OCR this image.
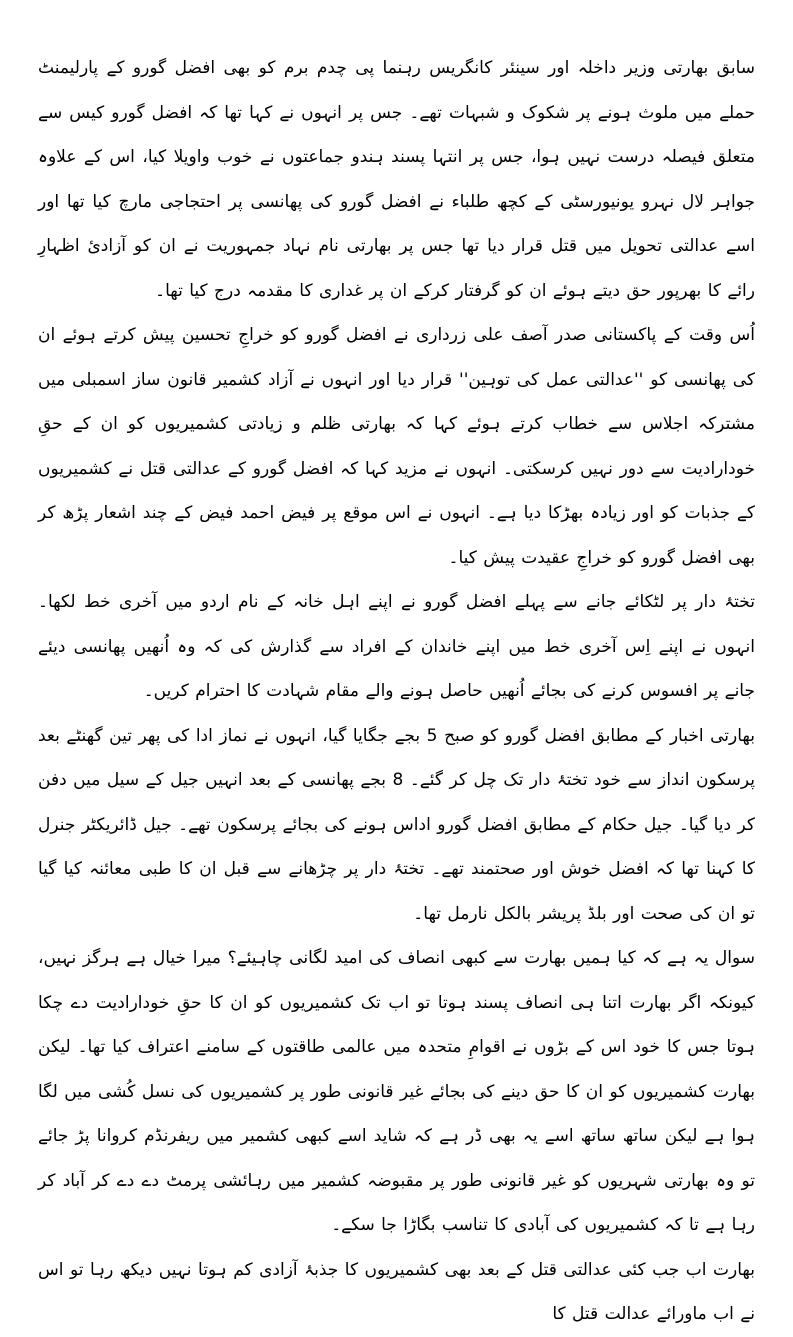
سابق بھارتی وزیر داخلہ اور سینئر کانگریس رہنما پی چدم برم کو بھی افضل گورو کے پارلیمنٹ حملے میں ملوث ہونے پر شکوک و شبہات تھے۔ جس پر انہوں نے کہا تھا کہ افضل گورو کیس سے متعلق فیصلہ درست نہیں ہوا، جس پر انتہا پسند ہندو جماعتوں نے خوب واویلا کیا، اس کے علاوہ جواہر لال نہرو یونیورسٹی کے کچھ طلباء نے افضل گورو کی پھانسی پر احتجاجی مارچ کیا تھا اور اسے عدالتی تحویل میں قتل قرار دیا تھا جس پر بھارتی نام نہاد جمہوریت نے ان کو آزادیٔ اظہارِ رائے کا بھرپور حق دیتے ہوئے ان کو گرفتار کرکے ان پر غداری کا مقدمہ درج کیا تھا۔

اُس وقت کے پاکستانی صدر آصف علی زرداری نے افضل گورو کو خراجِ تحسین پیش کرتے ہوئے ان کی پھانسی کو ''عدالتی عمل کی توہین'' قرار دیا اور انہوں نے آزاد کشمیر قانون ساز اسمبلی میں مشترکہ اجلاس سے خطاب کرتے ہوئے کہا کہ بھارتی ظلم و زیادتی کشمیریوں کو ان کے حقِ خودارادیت سے دور نہیں کرسکتی۔ انہوں نے مزید کہا کہ افضل گورو کے عدالتی قتل نے کشمیریوں کے جذبات کو اور زیادہ بھڑکا دیا ہے۔ انہوں نے اس موقع پر فیض احمد فیض کے چند اشعار پڑھ کر بھی افضل گورو کو خراجِ عقیدت پیش کیا۔

تختۂ دار پر لٹکائے جانے سے پہلے افضل گورو نے اپنے اہل خانہ کے نام اردو میں آخری خط لکھا۔ انہوں نے اپنے اِس آخری خط میں اپنے خاندان کے افراد سے گذارش کی کہ وہ اُنھیں پھانسی دیئے جانے پر افسوس کرنے کی بجائے اُنھیں حاصل ہونے والے مقام شہادت کا احترام کریں۔

بھارتی اخبار کے مطابق افضل گورو کو صبح 5 بجے جگایا گیا، انہوں نے نماز ادا کی پھر تین گھنٹے بعد پرسکون انداز سے خود تختۂ دار تک چل کر گئے۔ 8 بجے پھانسی کے بعد انہیں جیل کے سیل میں دفن کر دیا گیا۔ جیل حکام کے مطابق افضل گورو اداس ہونے کی بجائے پرسکون تھے۔ جیل ڈائریکٹر جنرل کا کہنا تھا کہ افضل خوش اور صحتمند تھے۔ تختۂ دار پر چڑھانے سے قبل ان کا طبی معائنہ کیا گیا تو ان کی صحت اور بلڈ پریشر بالکل نارمل تھا۔

سوال یہ ہے کہ کیا ہمیں بھارت سے کبھی انصاف کی امید لگانی چاہیئے؟ میرا خیال ہے ہرگز نہیں، کیونکہ اگر بھارت اتنا ہی انصاف پسند ہوتا تو اب تک کشمیریوں کو ان کا حقِ خودارادیت دے چکا ہوتا جس کا خود اس کے بڑوں نے اقوامِ متحدہ میں عالمی طاقتوں کے سامنے اعتراف کیا تھا۔ لیکن بھارت کشمیریوں کو ان کا حق دینے کی بجائے غیر قانونی طور پر کشمیریوں کی نسل کُشی میں لگا ہوا ہے لیکن ساتھ ساتھ اسے یہ بھی ڈر ہے کہ شاید اسے کبھی کشمیر میں ریفرنڈم کروانا پڑ جائے تو وہ بھارتی شہریوں کو غیر قانونی طور پر مقبوضہ کشمیر میں رہائشی پرمٹ دے دے کر آباد کر رہا ہے تا کہ کشمیریوں کی آبادی کا تناسب بگاڑا جا سکے۔

بھارت اب جب کئی عدالتی قتل کے بعد بھی کشمیریوں کا جذبۂ آزادی کم ہوتا نہیں دیکھ رہا تو اس نے اب ماورائے عدالت قتل کا
